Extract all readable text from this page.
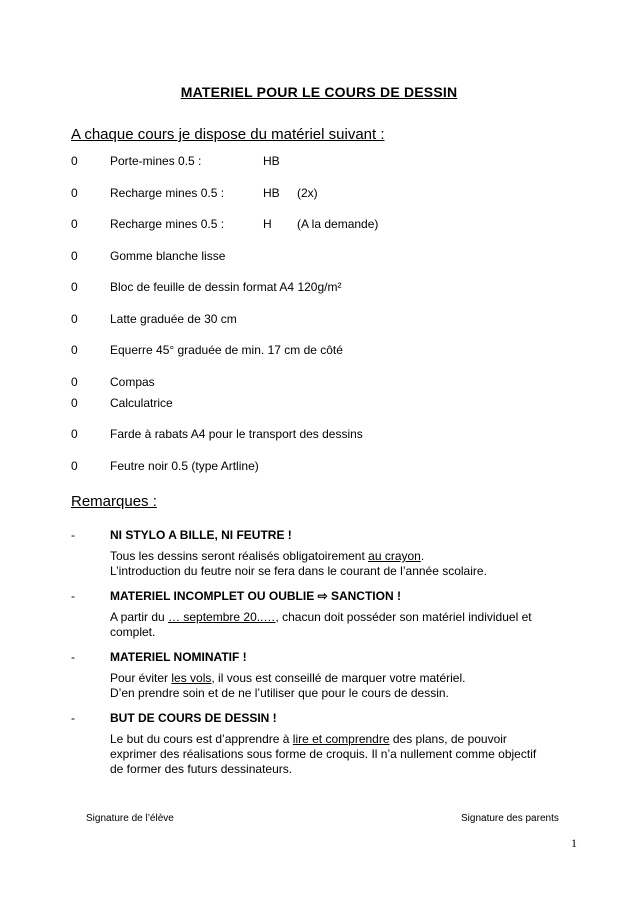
MATERIEL POUR LE COURS DE DESSIN
A chaque cours je dispose du matériel suivant :
0	Porte-mines 0.5 :	HB
0	Recharge mines 0.5 :	HB (2x)
0	Recharge mines 0.5 :	H (A la demande)
0	Gomme blanche lisse
0	Bloc de feuille de dessin format A4 120g/m²
0	Latte graduée de 30 cm
0	Equerre 45° graduée de min. 17 cm de côté
0	Compas
0	Calculatrice
0	Farde à rabats A4 pour le transport des dessins
0	Feutre noir 0.5 (type Artline)
Remarques :
-	NI STYLO A BILLE, NI FEUTRE !
Tous les dessins seront réalisés obligatoirement au crayon.
L’introduction du feutre noir se fera dans le courant de l’année scolaire.
-	MATERIEL INCOMPLET OU OUBLIE ⇨ SANCTION !
A partir du … septembre 20..…, chacun doit posséder son matériel individuel et
complet.
-	MATERIEL NOMINATIF !
Pour éviter les vols, il vous est conseillé de marquer votre matériel.
D’en prendre soin et de ne l’utiliser que pour le cours de dessin.
-	BUT DE COURS DE DESSIN !
Le but du cours est d’apprendre à lire et comprendre des plans, de pouvoir
exprimer des réalisations sous forme de croquis. Il n’a nullement comme objectif
de former des futurs dessinateurs.
Signature de l’élève	Signature des parents
1
